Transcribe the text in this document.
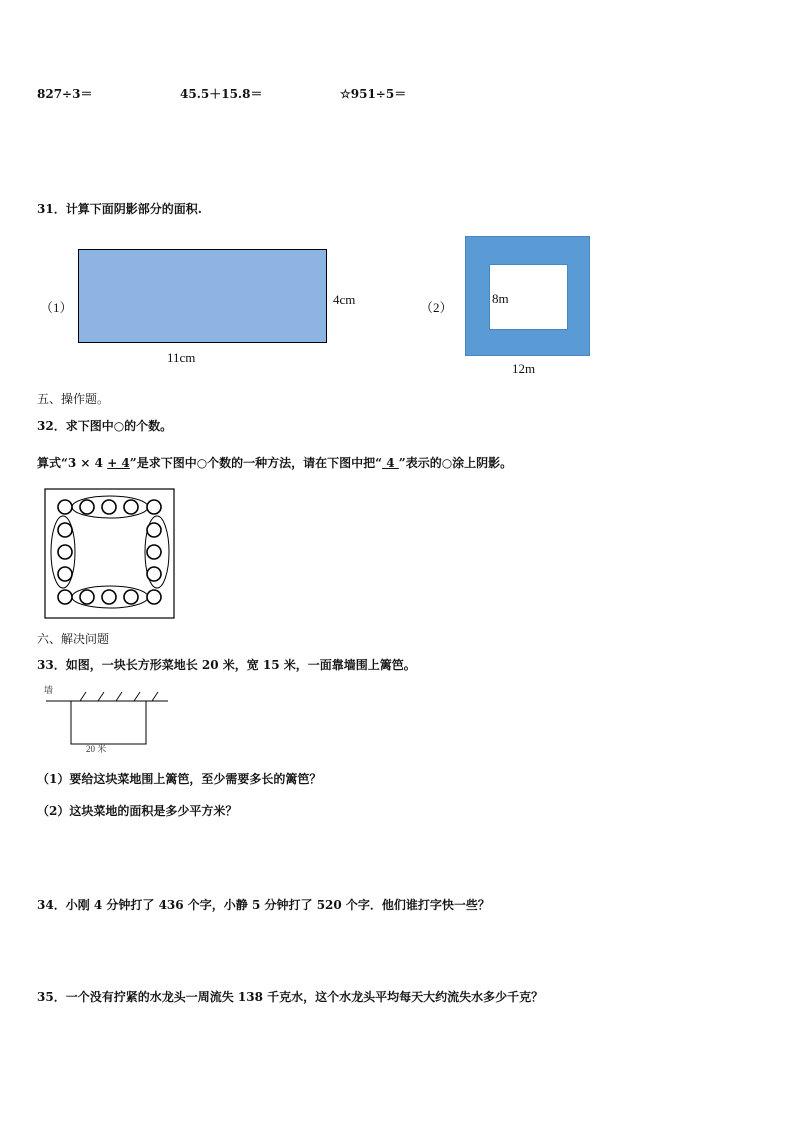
827÷3＝	45.5＋15.8＝	☆951÷5＝
31．计算下面阴影部分的面积.
（1）
4cm
11cm
（2）
8m
12m
五、操作题。
32．求下图中○的个数。
算式“3 × 4 + 4”是求下图中○个数的一种方法，请在下图中把“ 4 ”表示的○涂上阴影。
六、解决问题
33．如图，一块长方形菜地长 20 米，宽 15 米，一面靠墙围上篱笆。
墙
20 米
（1）要给这块菜地围上篱笆，至少需要多长的篱笆？
（2）这块菜地的面积是多少平方米？
34．小刚 4 分钟打了 436 个字，小静 5 分钟打了 520 个字．他们谁打字快一些？
35．一个没有拧紧的水龙头一周流失 138 千克水，这个水龙头平均每天大约流失水多少千克？
